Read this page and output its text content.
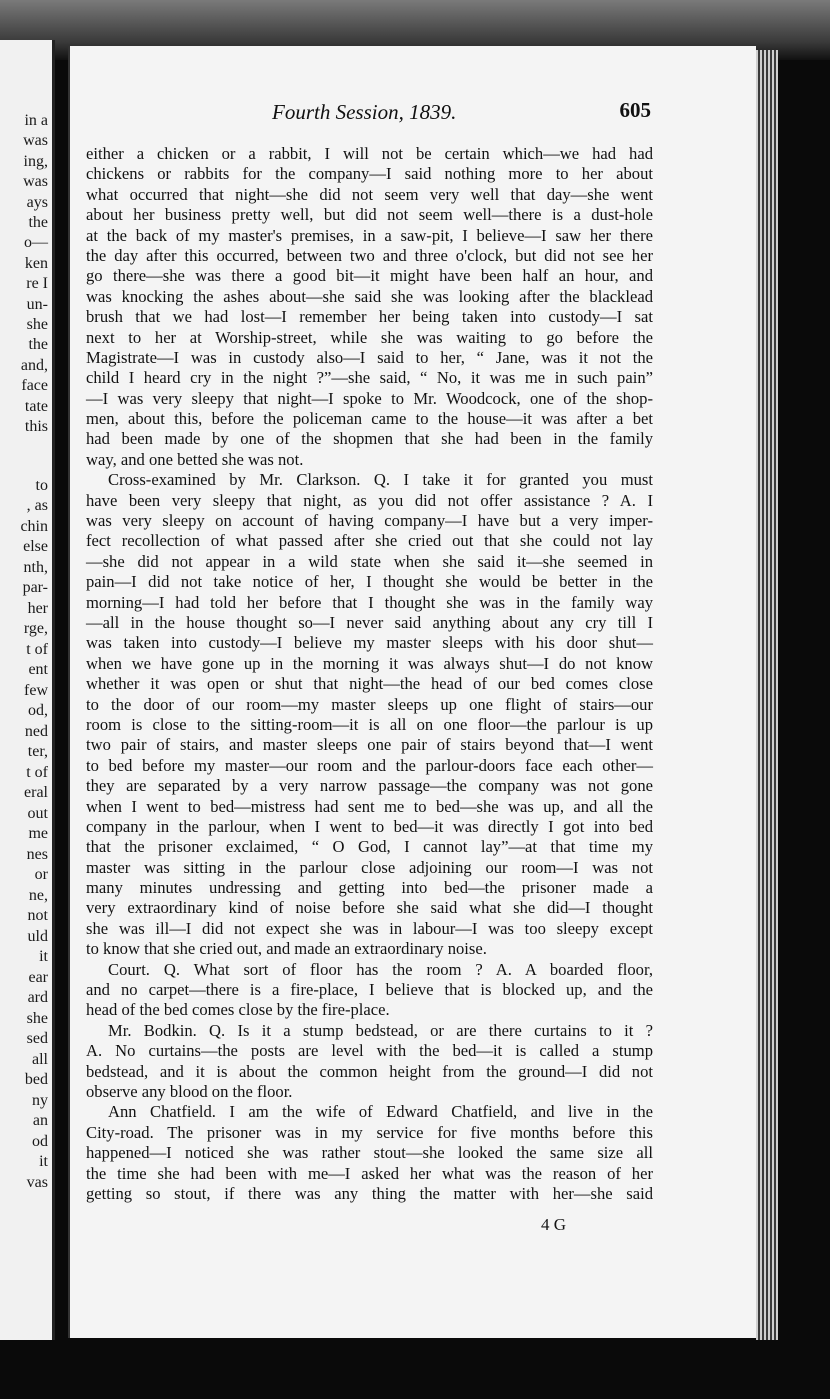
in a
was
ing,
was
ays
the
o—
ken
re I
un-
she
the
and,
face
tate
this
to
, as
chin
else
nth,
par-
her
rge,
t of
ent
few
od,
ned
ter,
t of
eral
out
me
nes
or
ne,
not
uld
it
ear
ard
she
sed
all
bed
ny
an
od
it
vas
Fourth Session, 1839.	605
either a chicken or a rabbit, I will not be certain which—we had had
chickens or rabbits for the company—I said nothing more to her about
what occurred that night—she did not seem very well that day—she went
about her business pretty well, but did not seem well—there is a dust-hole
at the back of my master's premises, in a saw-pit, I believe—I saw her there
the day after this occurred, between two and three o'clock, but did not see her
go there—she was there a good bit—it might have been half an hour, and
was knocking the ashes about—she said she was looking after the blacklead
brush that we had lost—I remember her being taken into custody—I sat
next to her at Worship-street, while she was waiting to go before the
Magistrate—I was in custody also—I said to her, “ Jane, was it not the
child I heard cry in the night ?”—she said, “ No, it was me in such pain”
—I was very sleepy that night—I spoke to Mr. Woodcock, one of the shop-
men, about this, before the policeman came to the house—it was after a bet
had been made by one of the shopmen that she had been in the family
way, and one betted she was not.
Cross-examined by Mr. Clarkson. Q. I take it for granted you must
have been very sleepy that night, as you did not offer assistance ? A. I
was very sleepy on account of having company—I have but a very imper-
fect recollection of what passed after she cried out that she could not lay
—she did not appear in a wild state when she said it—she seemed in
pain—I did not take notice of her, I thought she would be better in the
morning—I had told her before that I thought she was in the family way
—all in the house thought so—I never said anything about any cry till I
was taken into custody—I believe my master sleeps with his door shut—
when we have gone up in the morning it was always shut—I do not know
whether it was open or shut that night—the head of our bed comes close
to the door of our room—my master sleeps up one flight of stairs—our
room is close to the sitting-room—it is all on one floor—the parlour is up
two pair of stairs, and master sleeps one pair of stairs beyond that—I went
to bed before my master—our room and the parlour-doors face each other—
they are separated by a very narrow passage—the company was not gone
when I went to bed—mistress had sent me to bed—she was up, and all the
company in the parlour, when I went to bed—it was directly I got into bed
that the prisoner exclaimed, “ O God, I cannot lay”—at that time my
master was sitting in the parlour close adjoining our room—I was not
many minutes undressing and getting into bed—the prisoner made a
very extraordinary kind of noise before she said what she did—I thought
she was ill—I did not expect she was in labour—I was too sleepy except
to know that she cried out, and made an extraordinary noise.
Court. Q. What sort of floor has the room ? A. A boarded floor,
and no carpet—there is a fire-place, I believe that is blocked up, and the
head of the bed comes close by the fire-place.
Mr. Bodkin. Q. Is it a stump bedstead, or are there curtains to it ?
A. No curtains—the posts are level with the bed—it is called a stump
bedstead, and it is about the common height from the ground—I did not
observe any blood on the floor.
Ann Chatfield. I am the wife of Edward Chatfield, and live in the
City-road. The prisoner was in my service for five months before this
happened—I noticed she was rather stout—she looked the same size all
the time she had been with me—I asked her what was the reason of her
getting so stout, if there was any thing the matter with her—she said
4 G
